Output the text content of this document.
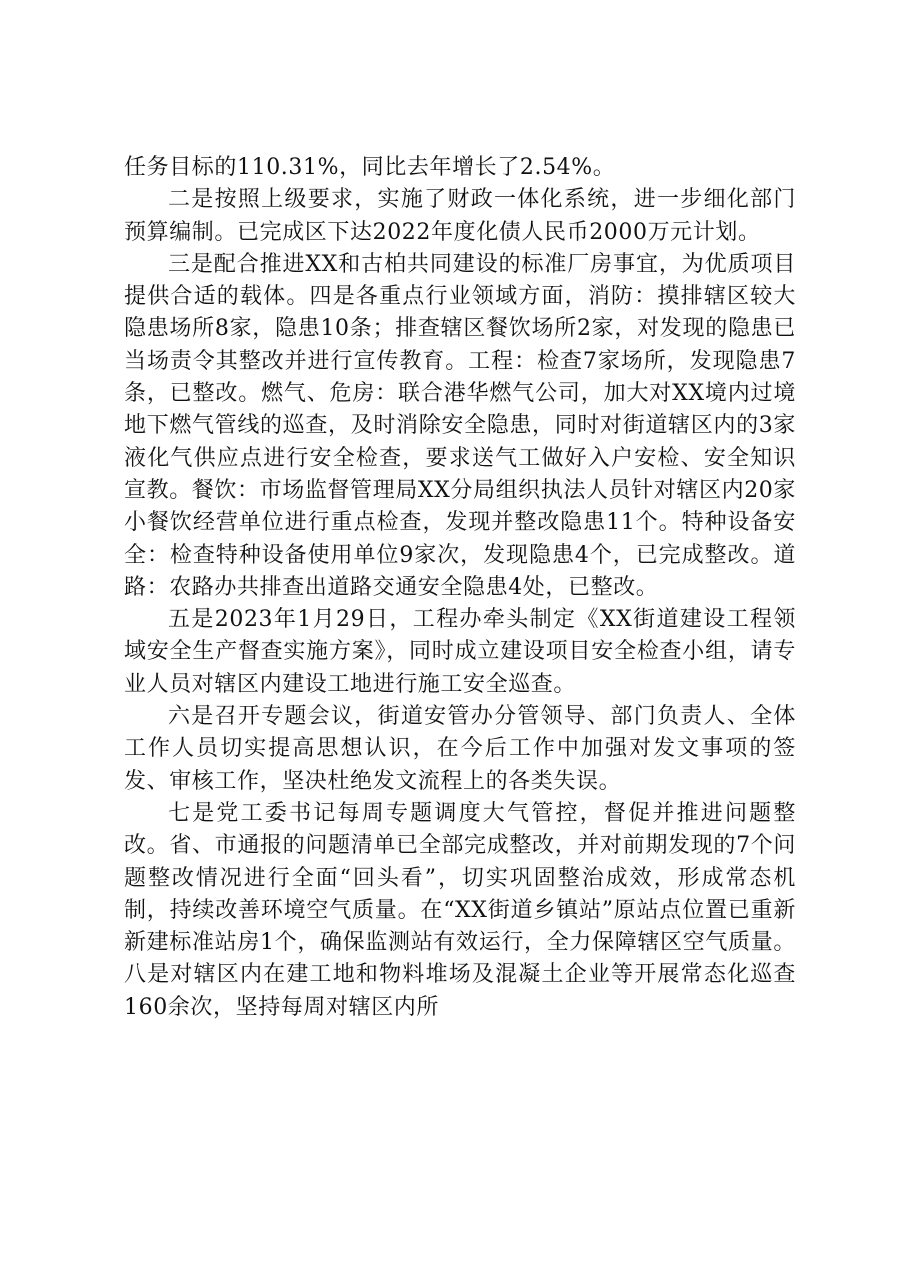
任务目标的110.31%，同比去年增长了2.54%。

二是按照上级要求，实施了财政一体化系统，进一步细化部门预算编制。已完成区下达2022年度化债人民币2000万元计划。

三是配合推进XX和古柏共同建设的标准厂房事宜，为优质项目提供合适的载体。四是各重点行业领域方面，消防：摸排辖区较大隐患场所8家，隐患10条；排查辖区餐饮场所2家，对发现的隐患已当场责令其整改并进行宣传教育。工程：检查7家场所，发现隐患7条，已整改。燃气、危房：联合港华燃气公司，加大对XX境内过境地下燃气管线的巡查，及时消除安全隐患，同时对街道辖区内的3家液化气供应点进行安全检查，要求送气工做好入户安检、安全知识宣教。餐饮：市场监督管理局XX分局组织执法人员针对辖区内20家小餐饮经营单位进行重点检查，发现并整改隐患11个。特种设备安全：检查特种设备使用单位9家次，发现隐患4个，已完成整改。道路：农路办共排查出道路交通安全隐患4处，已整改。

五是2023年1月29日，工程办牵头制定《XX街道建设工程领域安全生产督查实施方案》，同时成立建设项目安全检查小组，请专业人员对辖区内建设工地进行施工安全巡查。

六是召开专题会议，街道安管办分管领导、部门负责人、全体工作人员切实提高思想认识，在今后工作中加强对发文事项的签发、审核工作，坚决杜绝发文流程上的各类失误。

七是党工委书记每周专题调度大气管控，督促并推进问题整改。省、市通报的问题清单已全部完成整改，并对前期发现的7个问题整改情况进行全面“回头看”，切实巩固整治成效，形成常态机制，持续改善环境空气质量。在“XX街道乡镇站”原站点位置已重新新建标准站房1个，确保监测站有效运行，全力保障辖区空气质量。八是对辖区内在建工地和物料堆场及混凝土企业等开展常态化巡查160余次，坚持每周对辖区内所
